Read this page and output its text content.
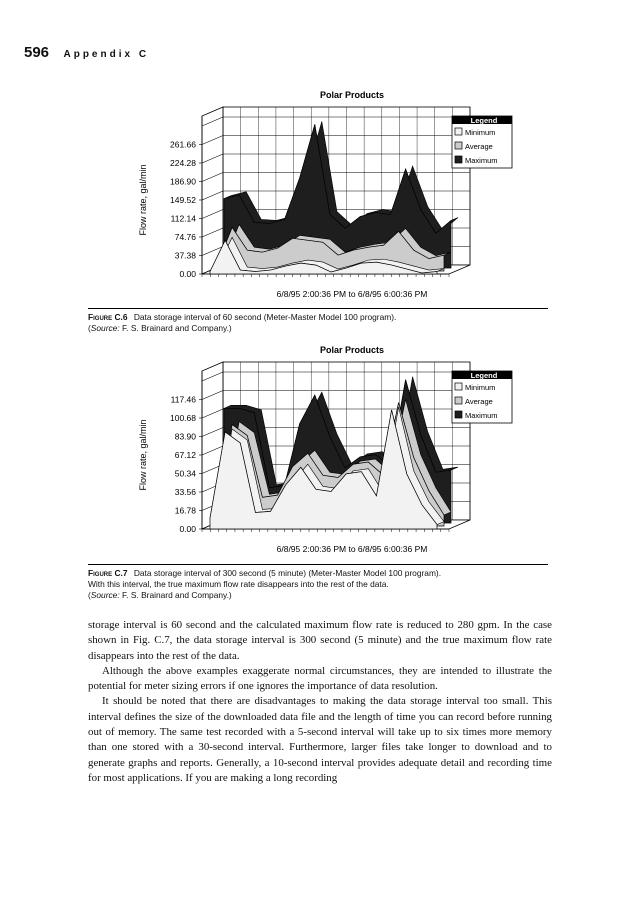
596 Appendix C
Polar Products
0.00
37.38
74.76
112.14
149.52
186.90
224.28
261.66
Flow rate, gal/min
6/8/95 2:00:36 PM to 6/8/95 6:00:36 PM
Legend
Minimum
Average
Maximum
Figure C.6 Data storage interval of 60 second (Meter-Master Model 100 program).
(Source: F. S. Brainard and Company.)
Polar Products
0.00
16.78
33.56
50.34
67.12
83.90
100.68
117.46
Flow rate, gal/min
6/8/95 2:00:36 PM to 6/8/95 6:00:36 PM
Legend
Minimum
Average
Maximum
Figure C.7 Data storage interval of 300 second (5 minute) (Meter-Master Model 100 program).
With this interval, the true maximum flow rate disappears into the rest of the data.
(Source: F. S. Brainard and Company.)

storage interval is 60 second and the calculated maximum flow rate is reduced to 280 gpm. In the case shown in Fig. C.7, the data storage interval is 300 second (5 minute) and the true maximum flow rate disappears into the rest of the data.

Although the above examples exaggerate normal circumstances, they are intended to illustrate the potential for meter sizing errors if one ignores the importance of data resolution.

It should be noted that there are disadvantages to making the data storage interval too small. This interval defines the size of the downloaded data file and the length of time you can record before running out of memory. The same test recorded with a 5-second interval will take up to six times more memory than one stored with a 30-second interval. Furthermore, larger files take longer to download and to generate graphs and reports. Generally, a 10-second interval provides adequate detail and recording time for most applications. If you are making a long recording
